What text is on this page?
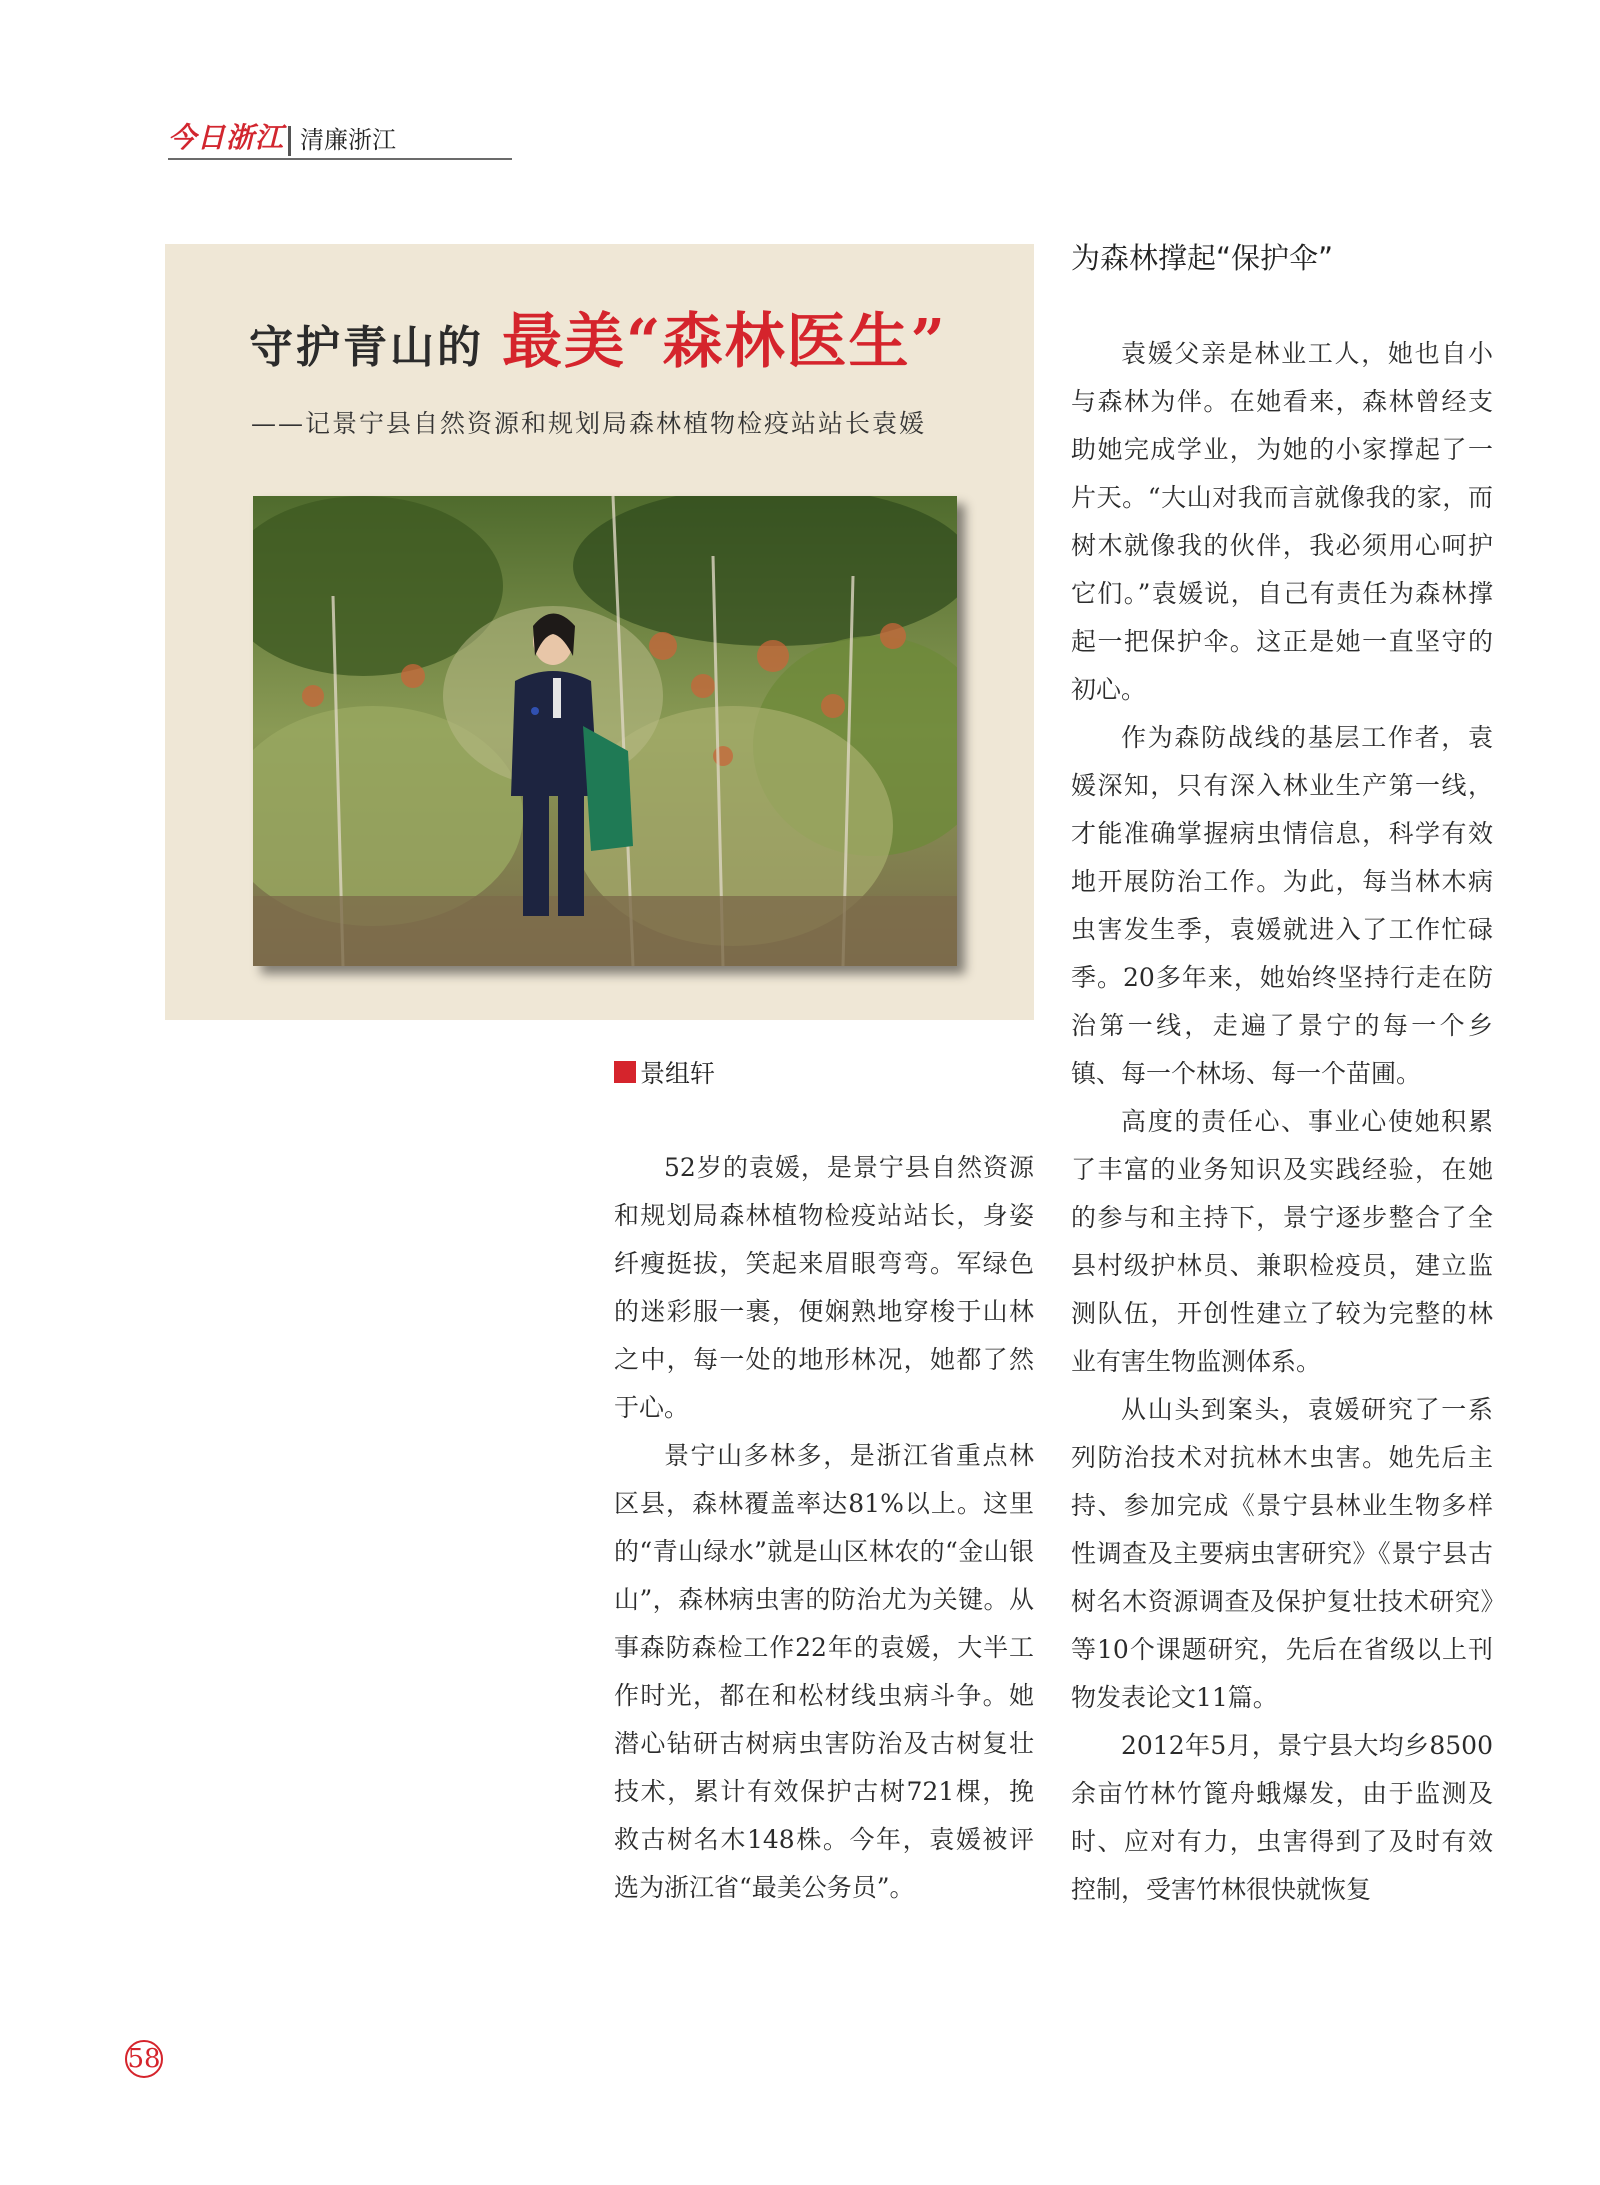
今日浙江 清廉浙江
守护青山的 最美“森林医生”
——记景宁县自然资源和规划局森林植物检疫站站长袁媛
景组轩

52岁的袁媛，是景宁县自然资源和规划局森林植物检疫站站长，身姿纤瘦挺拔，笑起来眉眼弯弯。军绿色的迷彩服一裹，便娴熟地穿梭于山林之中，每一处的地形林况，她都了然于心。

景宁山多林多，是浙江省重点林区县，森林覆盖率达81%以上。这里的“青山绿水”就是山区林农的“金山银山”，森林病虫害的防治尤为关键。从事森防森检工作22年的袁媛，大半工作时光，都在和松材线虫病斗争。她潜心钻研古树病虫害防治及古树复壮技术，累计有效保护古树721棵，挽救古树名木148株。今年，袁媛被评选为浙江省“最美公务员”。

为森林撑起“保护伞”

袁媛父亲是林业工人，她也自小与森林为伴。在她看来，森林曾经支助她完成学业，为她的小家撑起了一片天。“大山对我而言就像我的家，而树木就像我的伙伴，我必须用心呵护它们。”袁媛说，自己有责任为森林撑起一把保护伞。这正是她一直坚守的初心。

作为森防战线的基层工作者，袁媛深知，只有深入林业生产第一线，才能准确掌握病虫情信息，科学有效地开展防治工作。为此，每当林木病虫害发生季，袁媛就进入了工作忙碌季。20多年来，她始终坚持行走在防治第一线，走遍了景宁的每一个乡镇、每一个林场、每一个苗圃。

高度的责任心、事业心使她积累了丰富的业务知识及实践经验，在她的参与和主持下，景宁逐步整合了全县村级护林员、兼职检疫员，建立监测队伍，开创性建立了较为完整的林业有害生物监测体系。

从山头到案头，袁媛研究了一系列防治技术对抗林木虫害。她先后主持、参加完成《景宁县林业生物多样性调查及主要病虫害研究》《景宁县古树名木资源调查及保护复壮技术研究》等10个课题研究，先后在省级以上刊物发表论文11篇。

2012年5月，景宁县大均乡8500余亩竹林竹篦舟蛾爆发，由于监测及时、应对有力，虫害得到了及时有效控制，受害竹林很快就恢复

58
